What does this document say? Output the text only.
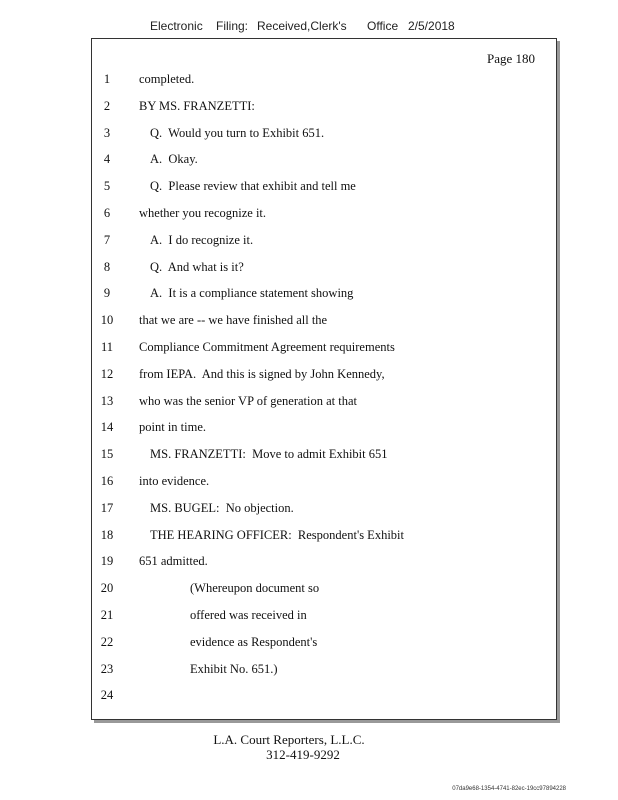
Electronic

Filing:

Received,Clerk's

Office

2/5/2018

Page 180
1	completed.
2	BY MS. FRANZETTI:
3	Q.  Would you turn to Exhibit 651.
4	A.  Okay.
5	Q.  Please review that exhibit and tell me
6	whether you recognize it.
7	A.  I do recognize it.
8	Q.  And what is it?
9	A.  It is a compliance statement showing
10	that we are -- we have finished all the
11	Compliance Commitment Agreement requirements
12	from IEPA.  And this is signed by John Kennedy,
13	who was the senior VP of generation at that
14	point in time.
15	MS. FRANZETTI:  Move to admit Exhibit 651
16	into evidence.
17	MS. BUGEL:  No objection.
18	THE HEARING OFFICER:  Respondent's Exhibit
19	651 admitted.
20	(Whereupon document so
21	offered was received in
22	evidence as Respondent's
23	Exhibit No. 651.)
24
L.A. Court Reporters, L.L.C.
312-419-9292
07da9e68-1354-4741-82ec-19cc97894228
